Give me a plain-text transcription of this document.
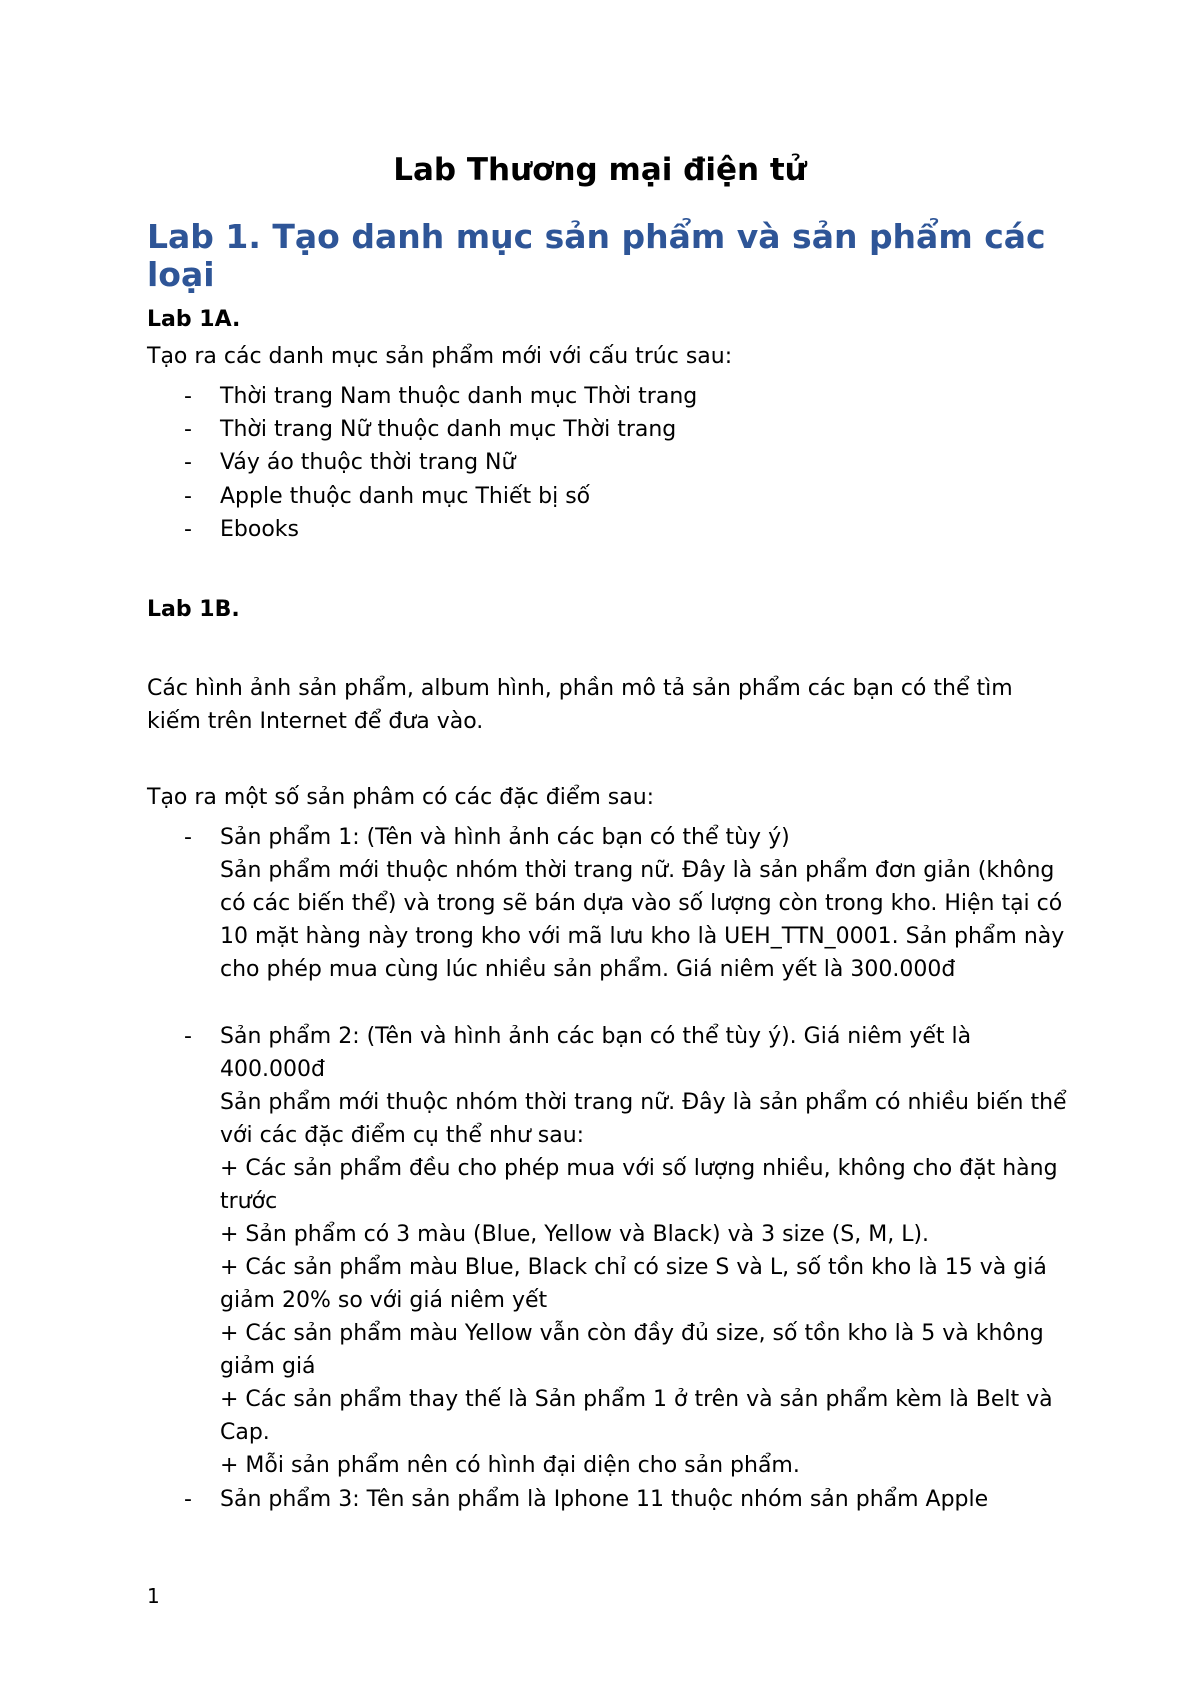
Lab Thương mại điện tử
Lab 1. Tạo danh mục sản phẩm và sản phẩm các loại
Lab 1A.
Tạo ra các danh mục sản phẩm mới với cấu trúc sau:
- Thời trang Nam thuộc danh mục Thời trang
- Thời trang Nữ thuộc danh mục Thời trang
- Váy áo thuộc thời trang Nữ
- Apple thuộc danh mục Thiết bị số
- Ebooks
Lab 1B.
Các hình ảnh sản phẩm, album hình, phần mô tả sản phẩm các bạn có thể tìm kiếm trên Internet để đưa vào.
Tạo ra một số sản phâm có các đặc điểm sau:
- Sản phẩm 1: (Tên và hình ảnh các bạn có thể tùy ý)
Sản phẩm mới thuộc nhóm thời trang nữ. Đây là sản phẩm đơn giản (không có các biến thể) và trong sẽ bán dựa vào số lượng còn trong kho. Hiện tại có 10 mặt hàng này trong kho với mã lưu kho là UEH_TTN_0001. Sản phẩm này cho phép mua cùng lúc nhiều sản phẩm. Giá niêm yết là 300.000đ
- Sản phẩm 2: (Tên và hình ảnh các bạn có thể tùy ý). Giá niêm yết là 400.000đ
Sản phẩm mới thuộc nhóm thời trang nữ. Đây là sản phẩm có nhiều biến thể với các đặc điểm cụ thể như sau:
+ Các sản phẩm đều cho phép mua với số lượng nhiều, không cho đặt hàng trước
+ Sản phẩm có 3 màu (Blue, Yellow và Black) và 3 size (S, M, L).
+ Các sản phẩm màu Blue, Black chỉ có size S và L, số tồn kho là 15 và giá giảm 20% so với giá niêm yết
+ Các sản phẩm màu Yellow vẫn còn đầy đủ size, số tồn kho là 5 và không giảm giá
+ Các sản phẩm thay thế là Sản phẩm 1 ở trên và sản phẩm kèm là Belt và Cap.
+ Mỗi sản phẩm nên có hình đại diện cho sản phẩm.
- Sản phẩm 3: Tên sản phẩm là Iphone 11 thuộc nhóm sản phẩm Apple
1
